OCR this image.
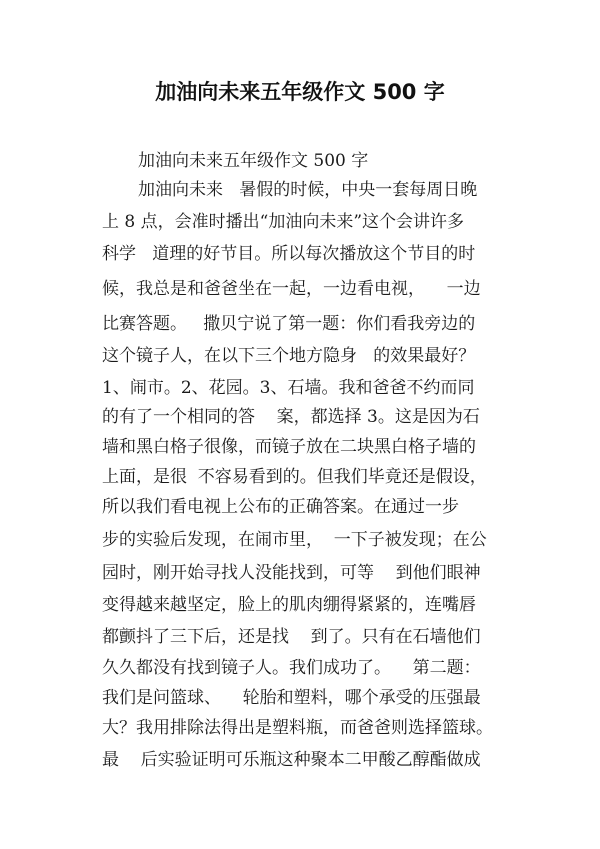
加油向未来五年级作文 500 字
加油向未来五年级作文 500 字
加油向未来   暑假的时候，中央一套每周日晚
上 8 点，会准时播出“加油向未来”这个会讲许多
科学   道理的好节目。所以每次播放这个节目的时
候，我总是和爸爸坐在一起，一边看电视，    一边
比赛答题。   撒贝宁说了第一题：你们看我旁边的
这个镜子人，在以下三个地方隐身   的效果最好？
1、闹市。2、花园。3、石墙。我和爸爸不约而同
的有了一个相同的答    案，都选择 3。这是因为石
墙和黑白格子很像，而镜子放在二块黑白格子墙的
上面，是很  不容易看到的。但我们毕竟还是假设，
所以我们看电视上公布的正确答案。在通过一步
步的实验后发现，在闹市里，  一下子被发现；在公
园时，刚开始寻找人没能找到，可等    到他们眼神
变得越来越坚定，脸上的肌肉绷得紧紧的，连嘴唇
都颤抖了三下后，还是找    到了。只有在石墙他们
久久都没有找到镜子人。我们成功了。    第二题：
我们是问篮球、    轮胎和塑料，哪个承受的压强最
大？我用排除法得出是塑料瓶，而爸爸则选择篮球。
最    后实验证明可乐瓶这种聚本二甲酸乙醇酯做成
